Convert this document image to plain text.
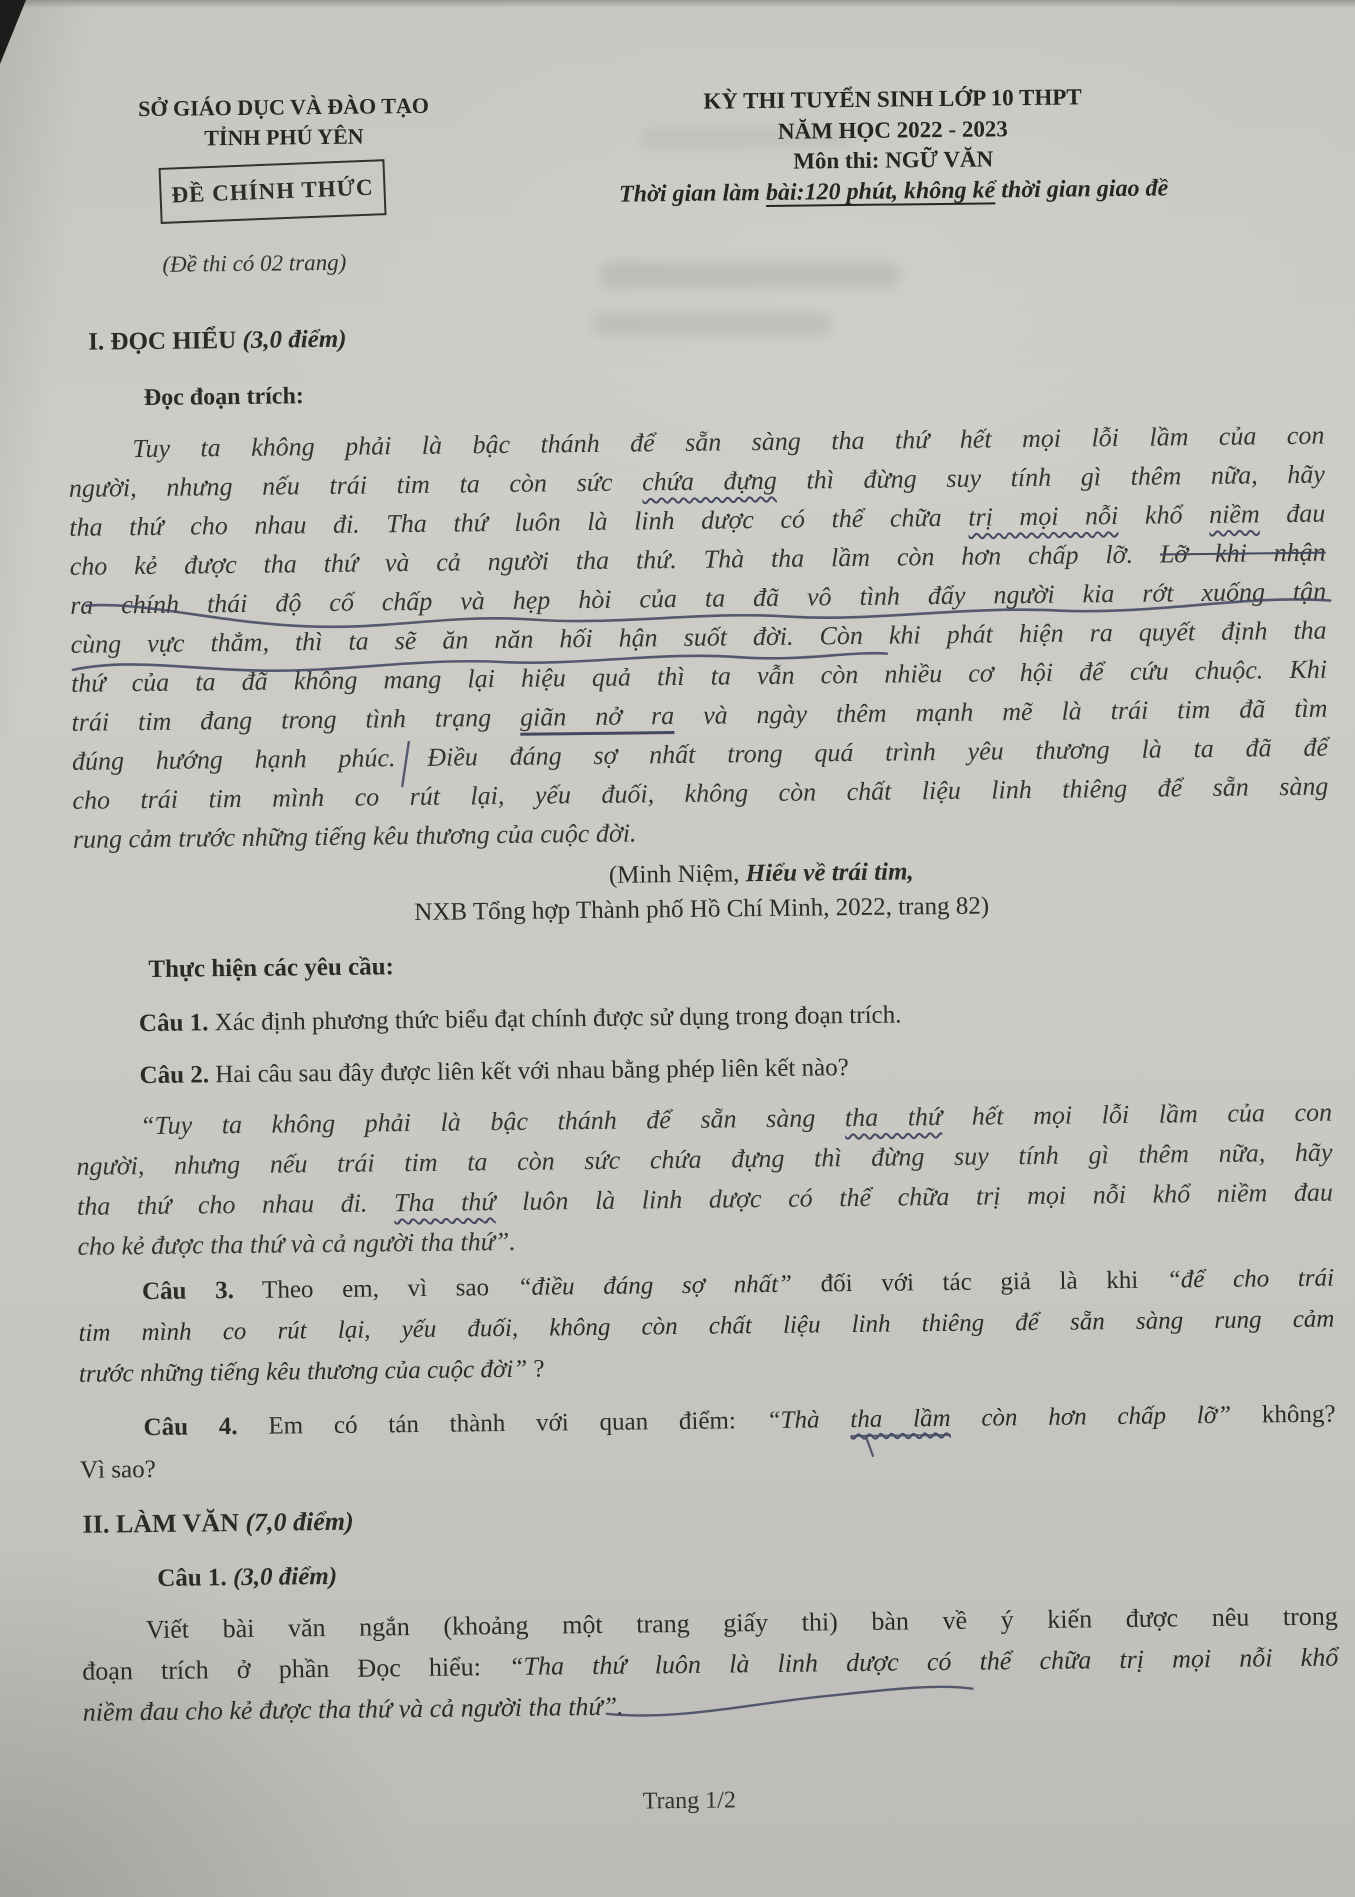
SỞ GIÁO DỤC VÀ ĐÀO TẠO
TỈNH PHÚ YÊN
ĐỀ CHÍNH THỨC
KỲ THI TUYỂN SINH LỚP 10 THPT
NĂM HỌC 2022 - 2023
Môn thi: NGỮ VĂN
Thời gian làm bài:120 phút, không kể thời gian giao đề
(Đề thi có 02 trang)
I. ĐỌC HIỂU (3,0 điểm)
Đọc đoạn trích:
Tuy ta không phải là bậc thánh để sẵn sàng tha thứ hết mọi lỗi lầm của con
người, nhưng nếu trái tim ta còn sức chứa đựng thì đừng suy tính gì thêm nữa, hãy
tha thứ cho nhau đi. Tha thứ luôn là linh dược có thể chữa trị mọi nỗi khổ niềm đau
cho kẻ được tha thứ và cả người tha thứ. Thà tha lầm còn hơn chấp lỡ. Lỡ khi nhận
ra chính thái độ cố chấp và hẹp hòi của ta đã vô tình đẩy người kia rớt xuống tận
cùng vực thẳm, thì ta sẽ ăn năn hối hận suốt đời. Còn khi phát hiện ra quyết định tha
thứ của ta đã không mang lại hiệu quả thì ta vẫn còn nhiều cơ hội để cứu chuộc. Khi
trái tim đang trong tình trạng giãn nở ra và ngày thêm mạnh mẽ là trái tim đã tìm
đúng hướng hạnh phúc. Điều đáng sợ nhất trong quá trình yêu thương là ta đã để
cho trái tim mình co rút lại, yếu đuối, không còn chất liệu linh thiêng để sẵn sàng
rung cảm trước những tiếng kêu thương của cuộc đời.
(Minh Niệm, Hiểu về trái tim,
NXB Tổng hợp Thành phố Hồ Chí Minh, 2022, trang 82)
Thực hiện các yêu cầu:
Câu 1. Xác định phương thức biểu đạt chính được sử dụng trong đoạn trích.
Câu 2. Hai câu sau đây được liên kết với nhau bằng phép liên kết nào?
“Tuy ta không phải là bậc thánh để sẵn sàng tha thứ hết mọi lỗi lầm của con
người, nhưng nếu trái tim ta còn sức chứa đựng thì đừng suy tính gì thêm nữa, hãy
tha thứ cho nhau đi. Tha thứ luôn là linh dược có thể chữa trị mọi nỗi khổ niềm đau
cho kẻ được tha thứ và cả người tha thứ”.
Câu 3. Theo em, vì sao “điều đáng sợ nhất” đối với tác giả là khi “để cho trái
tim mình co rút lại, yếu đuối, không còn chất liệu linh thiêng để sẵn sàng rung cảm
trước những tiếng kêu thương của cuộc đời” ?
Câu 4. Em có tán thành với quan điểm: “Thà tha lầm còn hơn chấp lỡ” không?
Vì sao?
II. LÀM VĂN (7,0 điểm)
Câu 1. (3,0 điểm)
Viết bài văn ngắn (khoảng một trang giấy thi) bàn về ý kiến được nêu trong
đoạn trích ở phần Đọc hiểu: “Tha thứ luôn là linh dược có thể chữa trị mọi nỗi khổ
niềm đau cho kẻ được tha thứ và cả người tha thứ”.
Trang 1/2
